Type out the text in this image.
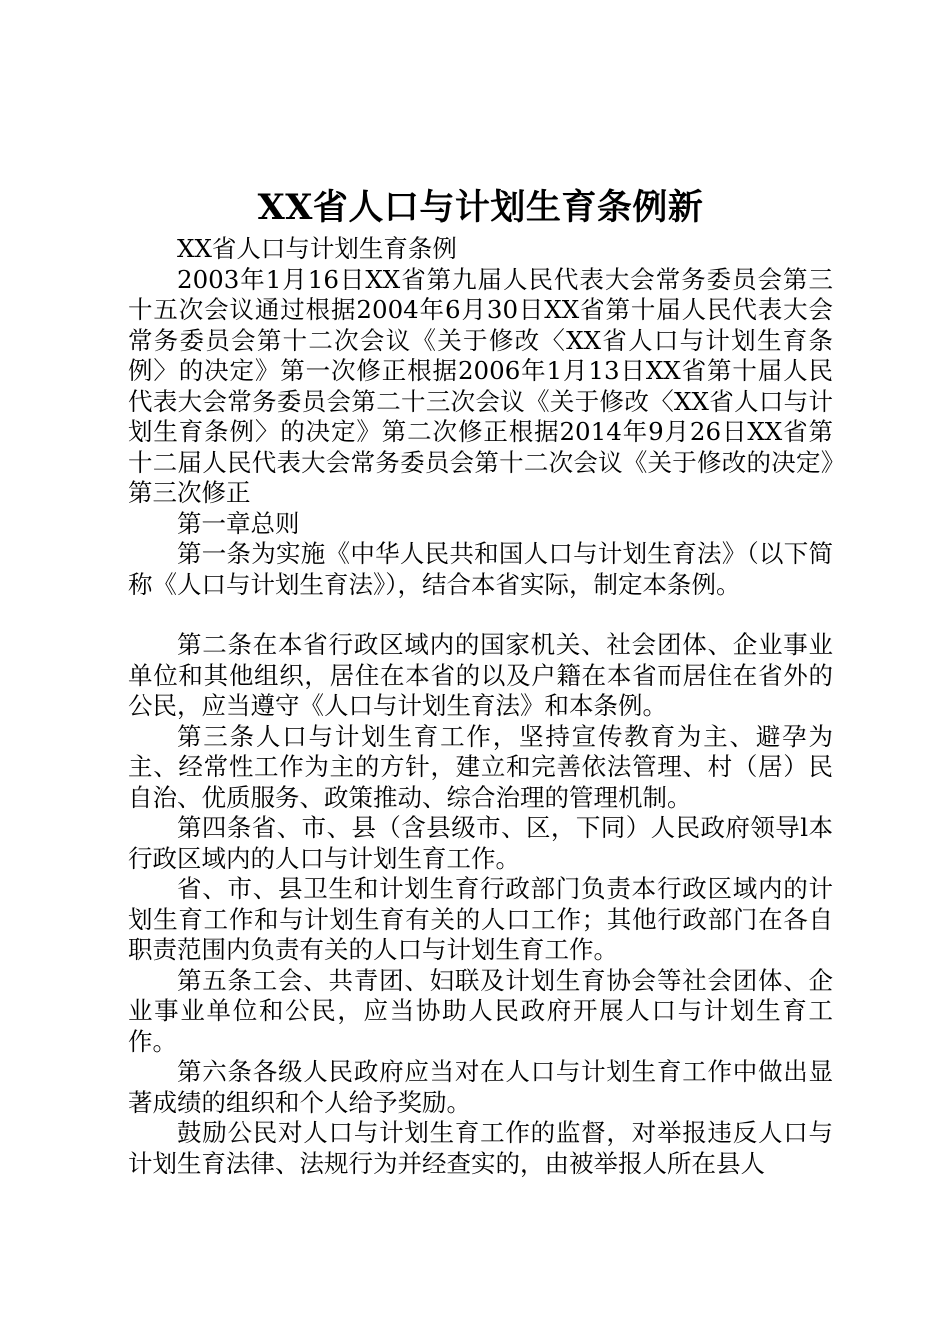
XX省人口与计划生育条例新

XX省人口与计划生育条例

2003年1月16日XX省第九届人民代表大会常务委员会第三十五次会议通过根据2004年6月30日XX省第十届人民代表大会常务委员会第十二次会议《关于修改〈XX省人口与计划生育条例〉的决定》第一次修正根据2006年1月13日XX省第十届人民代表大会常务委员会第二十三次会议《关于修改〈XX省人口与计划生育条例〉的决定》第二次修正根据2014年9月26日XX省第十二届人民代表大会常务委员会第十二次会议《关于修改的决定》第三次修正

第一章总则

第一条为实施《中华人民共和国人口与计划生育法》（以下简称《人口与计划生育法》），结合本省实际，制定本条例。

第二条在本省行政区域内的国家机关、社会团体、企业事业单位和其他组织，居住在本省的以及户籍在本省而居住在省外的公民，应当遵守《人口与计划生育法》和本条例。

第三条人口与计划生育工作，坚持宣传教育为主、避孕为主、经常性工作为主的方针，建立和完善依法管理、村（居）民自治、优质服务、政策推动、综合治理的管理机制。

第四条省、市、县（含县级市、区，下同）人民政府领导l本行政区域内的人口与计划生育工作。

省、市、县卫生和计划生育行政部门负责本行政区域内的计划生育工作和与计划生育有关的人口工作；其他行政部门在各自职责范围内负责有关的人口与计划生育工作。

第五条工会、共青团、妇联及计划生育协会等社会团体、企业事业单位和公民，应当协助人民政府开展人口与计划生育工作。

第六条各级人民政府应当对在人口与计划生育工作中做出显著成绩的组织和个人给予奖励。

鼓励公民对人口与计划生育工作的监督，对举报违反人口与计划生育法律、法规行为并经查实的，由被举报人所在县人
